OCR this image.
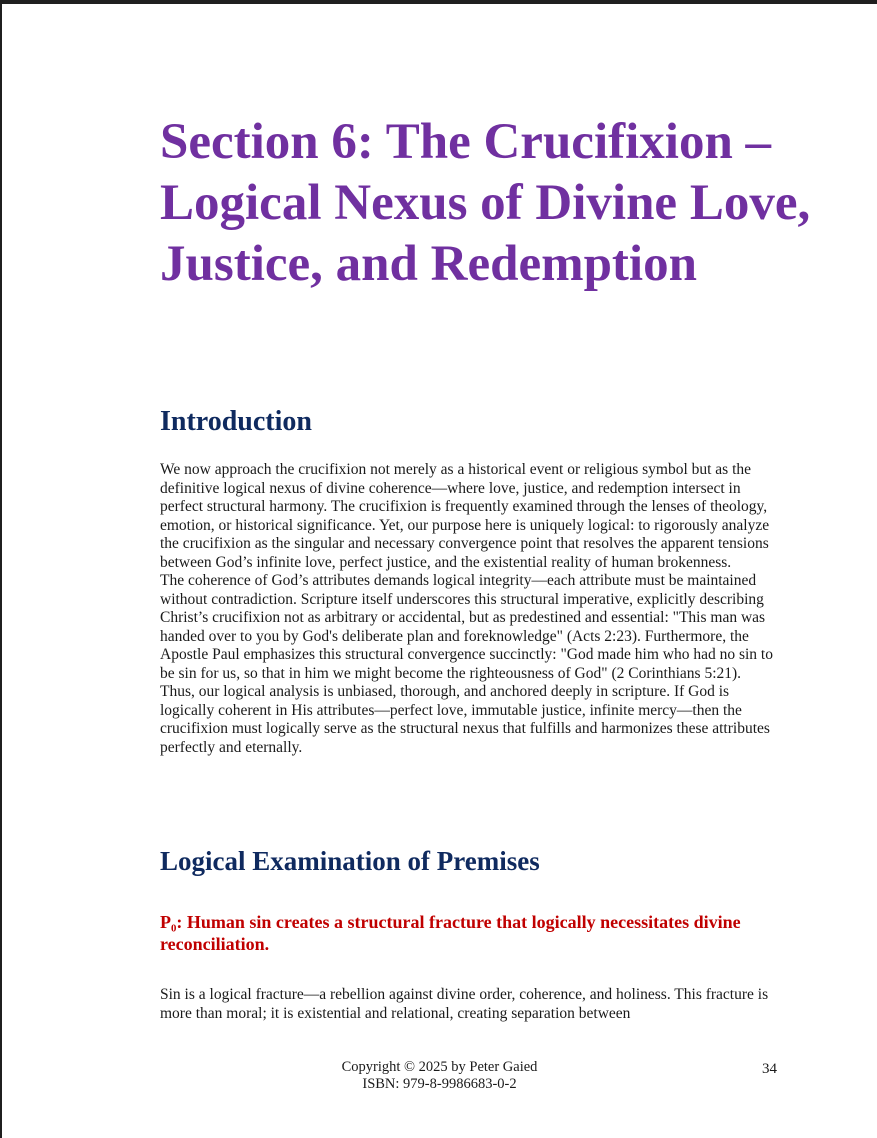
Section 6: The Crucifixion – Logical Nexus of Divine Love, Justice, and Redemption
Introduction

We now approach the crucifixion not merely as a historical event or religious symbol but as the definitive logical nexus of divine coherence—where love, justice, and redemption intersect in perfect structural harmony. The crucifixion is frequently examined through the lenses of theology, emotion, or historical significance. Yet, our purpose here is uniquely logical: to rigorously analyze the crucifixion as the singular and necessary convergence point that resolves the apparent tensions between God’s infinite love, perfect justice, and the existential reality of human brokenness.

The coherence of God’s attributes demands logical integrity—each attribute must be maintained without contradiction. Scripture itself underscores this structural imperative, explicitly describing Christ’s crucifixion not as arbitrary or accidental, but as predestined and essential: "This man was handed over to you by God's deliberate plan and foreknowledge" (Acts 2:23). Furthermore, the Apostle Paul emphasizes this structural convergence succinctly: "God made him who had no sin to be sin for us, so that in him we might become the righteousness of God" (2 Corinthians 5:21).

Thus, our logical analysis is unbiased, thorough, and anchored deeply in scripture. If God is logically coherent in His attributes—perfect love, immutable justice, infinite mercy—then the crucifixion must logically serve as the structural nexus that fulfills and harmonizes these attributes perfectly and eternally.

Logical Examination of Premises
P₀: Human sin creates a structural fracture that logically necessitates divine reconciliation.

Sin is a logical fracture—a rebellion against divine order, coherence, and holiness. This fracture is more than moral; it is existential and relational, creating separation between

Copyright © 2025 by Peter Gaied
ISBN: 979-8-9986683-0-2
34
